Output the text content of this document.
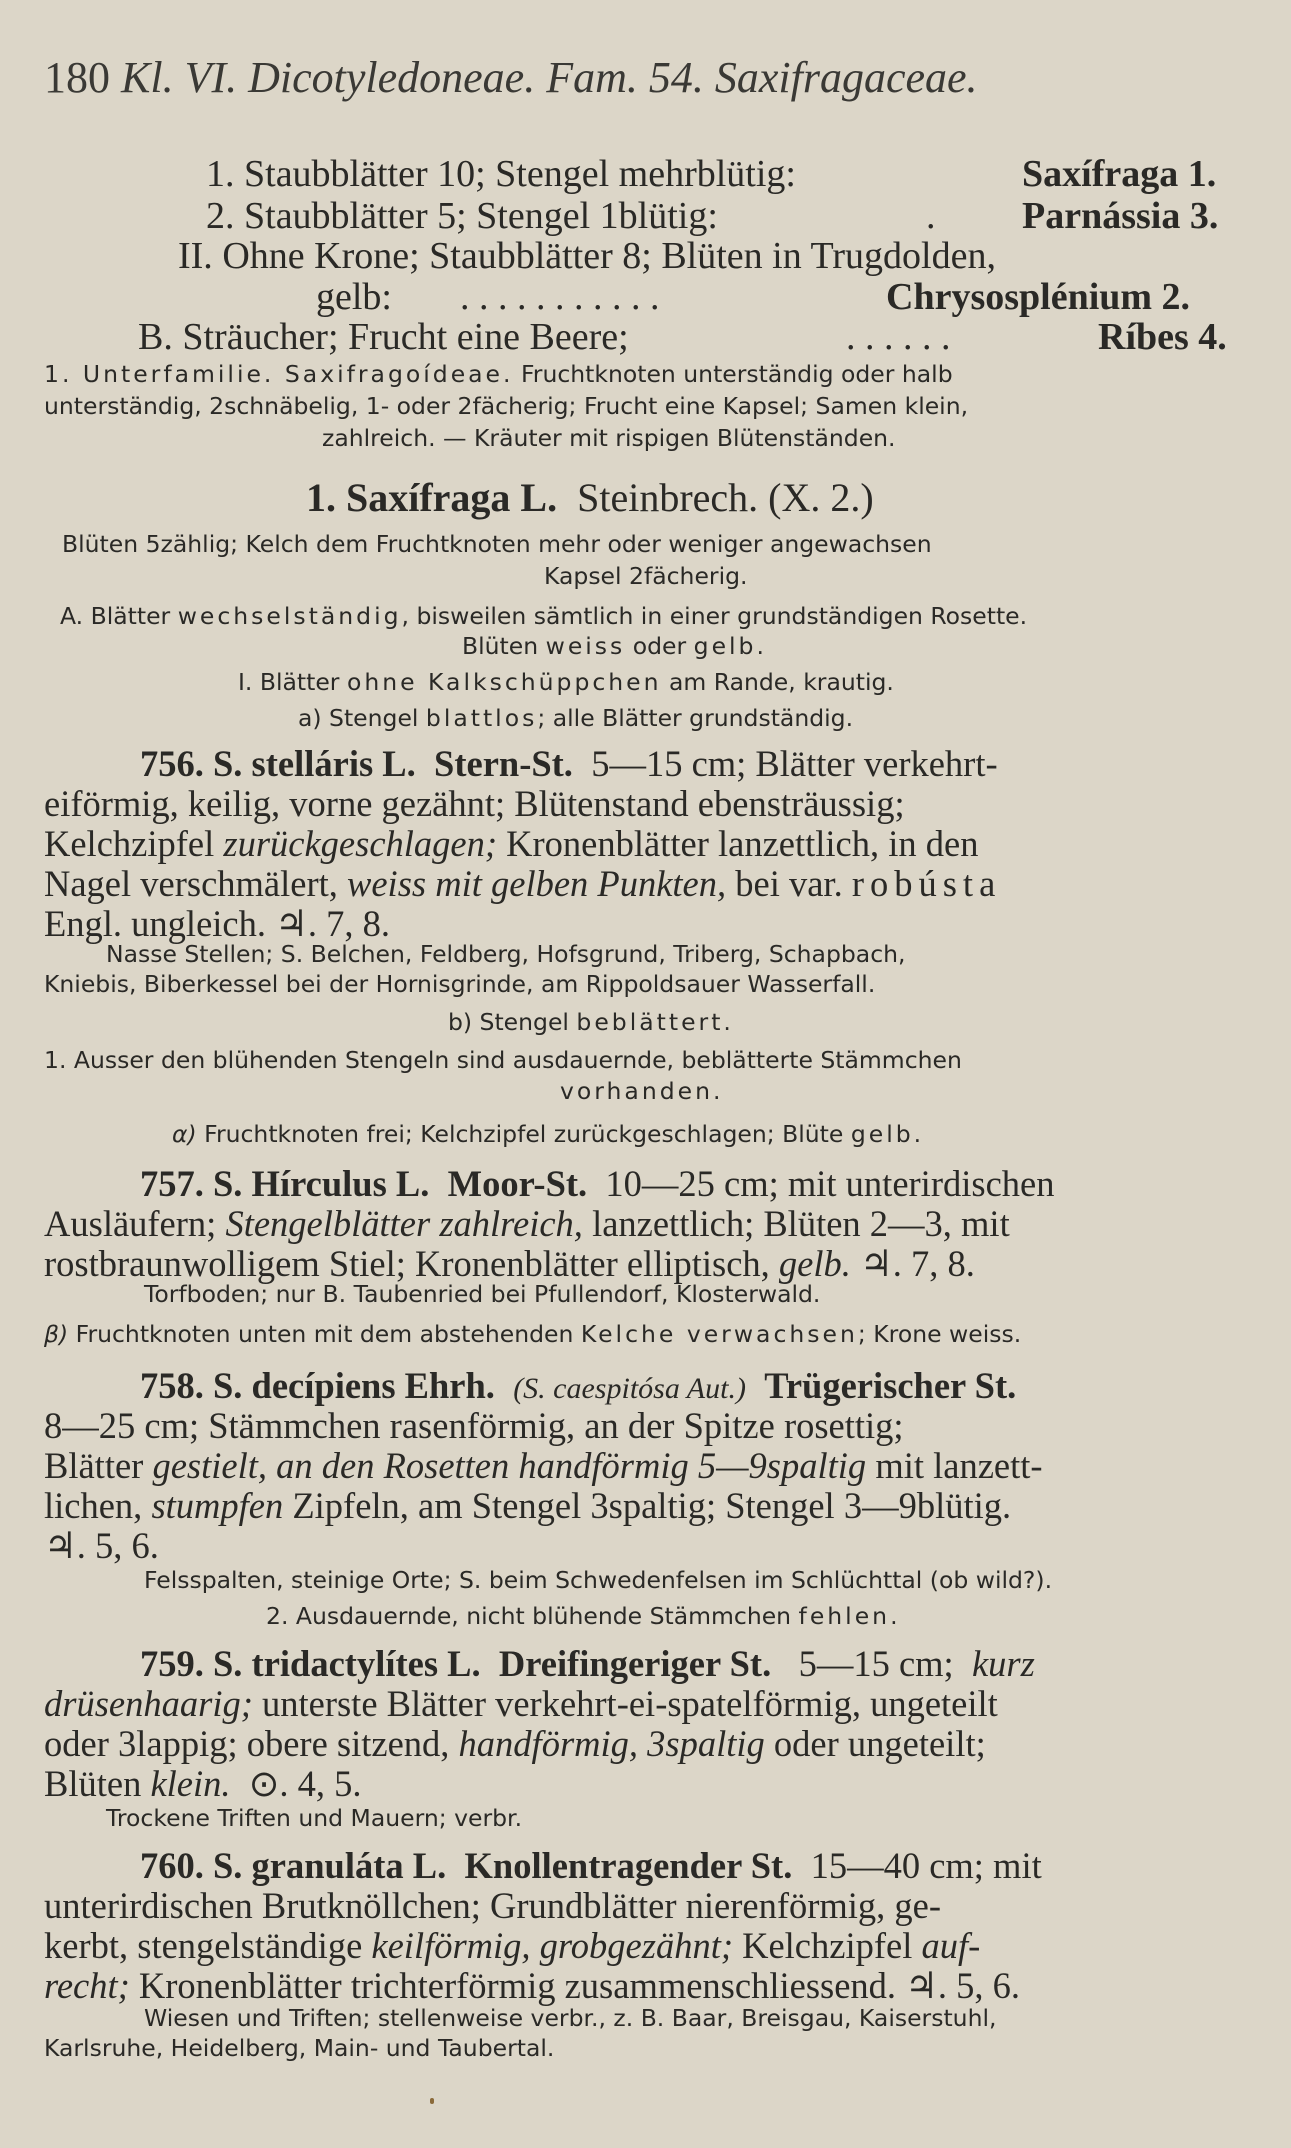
180 Kl. VI. Dicotyledoneae. Fam. 54. Saxifragaceae.
1. Staubblätter 10; Stengel mehrblütig:	Saxífraga 1.
2. Staubblätter 5; Stengel 1blütig:	. Parnássia 3.
II. Ohne Krone; Staubblätter 8; Blüten in Trugdolden,
gelb: . . . . . . . . . . .	Chrysosplénium 2.
B. Sträucher; Frucht eine Beere;	. . . . . .	Ríbes 4.
1. Unterfamilie. Saxifragoídeae. Fruchtknoten unterständig oder halb
unterständig, 2schnäbelig, 1- oder 2fächerig; Frucht eine Kapsel; Samen klein,
zahlreich. — Kräuter mit rispigen Blütenständen.
1. Saxífraga L. Steinbrech. (X. 2.)
Blüten 5zählig; Kelch dem Fruchtknoten mehr oder weniger angewachsen
Kapsel 2fächerig.
A. Blätter wechselständig, bisweilen sämtlich in einer grundständigen Rosette.
Blüten weiss oder gelb.
I. Blätter ohne Kalkschüppchen am Rande, krautig.
a) Stengel blattlos; alle Blätter grundständig.
756. S. stelláris L. Stern-St. 5—15 cm; Blätter verkehrt-
eiförmig, keilig, vorne gezähnt; Blütenstand ebensträussig;
Kelchzipfel zurückgeschlagen; Kronenblätter lanzettlich, in den
Nagel verschmälert, weiss mit gelben Punkten, bei var. robústa
Engl. ungleich. ♃. 7, 8.
Nasse Stellen; S. Belchen, Feldberg, Hofsgrund, Triberg, Schapbach,
Kniebis, Biberkessel bei der Hornisgrinde, am Rippoldsauer Wasserfall.
b) Stengel beblättert.
1. Ausser den blühenden Stengeln sind ausdauernde, beblätterte Stämmchen
vorhanden.
α) Fruchtknoten frei; Kelchzipfel zurückgeschlagen; Blüte gelb.
757. S. Hírculus L. Moor-St. 10—25 cm; mit unterirdischen
Ausläufern; Stengelblätter zahlreich, lanzettlich; Blüten 2—3, mit
rostbraunwolligem Stiel; Kronenblätter elliptisch, gelb. ♃. 7, 8.
Torfboden; nur B. Taubenried bei Pfullendorf, Klosterwald.
β) Fruchtknoten unten mit dem abstehenden Kelche verwachsen; Krone weiss.
758. S. decípiens Ehrh. (S. caespitósa Aut.) Trügerischer St.
8—25 cm; Stämmchen rasenförmig, an der Spitze rosettig;
Blätter gestielt, an den Rosetten handförmig 5—9spaltig mit lanzett-
lichen, stumpfen Zipfeln, am Stengel 3spaltig; Stengel 3—9blütig.
♃. 5, 6.
Felsspalten, steinige Orte; S. beim Schwedenfelsen im Schlüchttal (ob wild?).
2. Ausdauernde, nicht blühende Stämmchen fehlen.
759. S. tridactylítes L. Dreifingeriger St. 5—15 cm; kurz
drüsenhaarig; unterste Blätter verkehrt-ei-spatelförmig, ungeteilt
oder 3lappig; obere sitzend, handförmig, 3spaltig oder ungeteilt;
Blüten klein. ⊙. 4, 5.
Trockene Triften und Mauern; verbr.
760. S. granuláta L. Knollentragender St. 15—40 cm; mit
unterirdischen Brutknöllchen; Grundblätter nierenförmig, ge-
kerbt, stengelständige keilförmig, grobgezähnt; Kelchzipfel auf-
recht; Kronenblätter trichterförmig zusammenschliessend. ♃. 5, 6.
Wiesen und Triften; stellenweise verbr., z. B. Baar, Breisgau, Kaiserstuhl,
Karlsruhe, Heidelberg, Main- und Taubertal.
